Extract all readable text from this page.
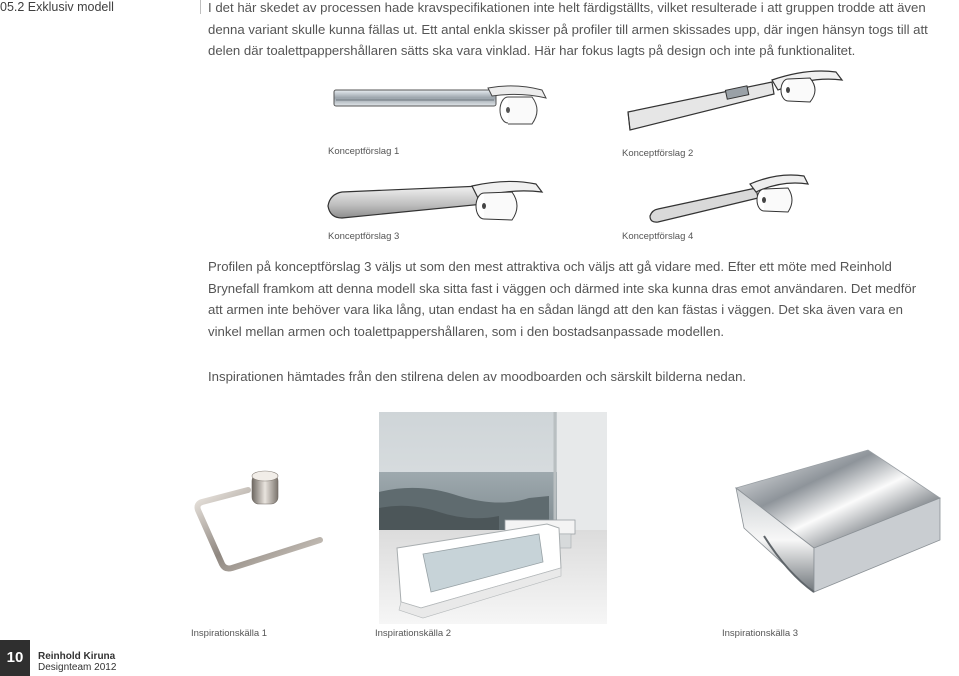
05.2 Exklusiv modell	I det här skedet av processen hade kravspecifikationen inte helt färdigställts, vilket resulterade i att gruppen trodde att även
denna variant skulle kunna fällas ut. Ett antal enkla skisser på profiler till armen skissades upp, där ingen hänsyn togs till att
delen där toalettpappershållaren sätts ska vara vinklad. Här har fokus lagts på design och inte på funktionalitet.
Konceptförslag 1	Konceptförslag 2
Konceptförslag 3	Konceptförslag 4
Profilen på konceptförslag 3 väljs ut som den mest attraktiva och väljs att gå vidare med. Efter ett möte med Reinhold
Brynefall framkom att denna modell ska sitta fast i väggen och därmed inte ska kunna dras emot användaren. Det medför
att armen inte behöver vara lika lång, utan endast ha en sådan längd att den kan fästas i väggen. Det ska även vara en
vinkel mellan armen och toalettpappershållaren, som i den bostadsanpassade modellen.
Inspirationen hämtades från den stilrena delen av moodboarden och särskilt bilderna nedan.
Inspirationskälla 1	Inspirationskälla 2	Inspirationskälla 3
10	Reinhold Kiruna
Designteam 2012
